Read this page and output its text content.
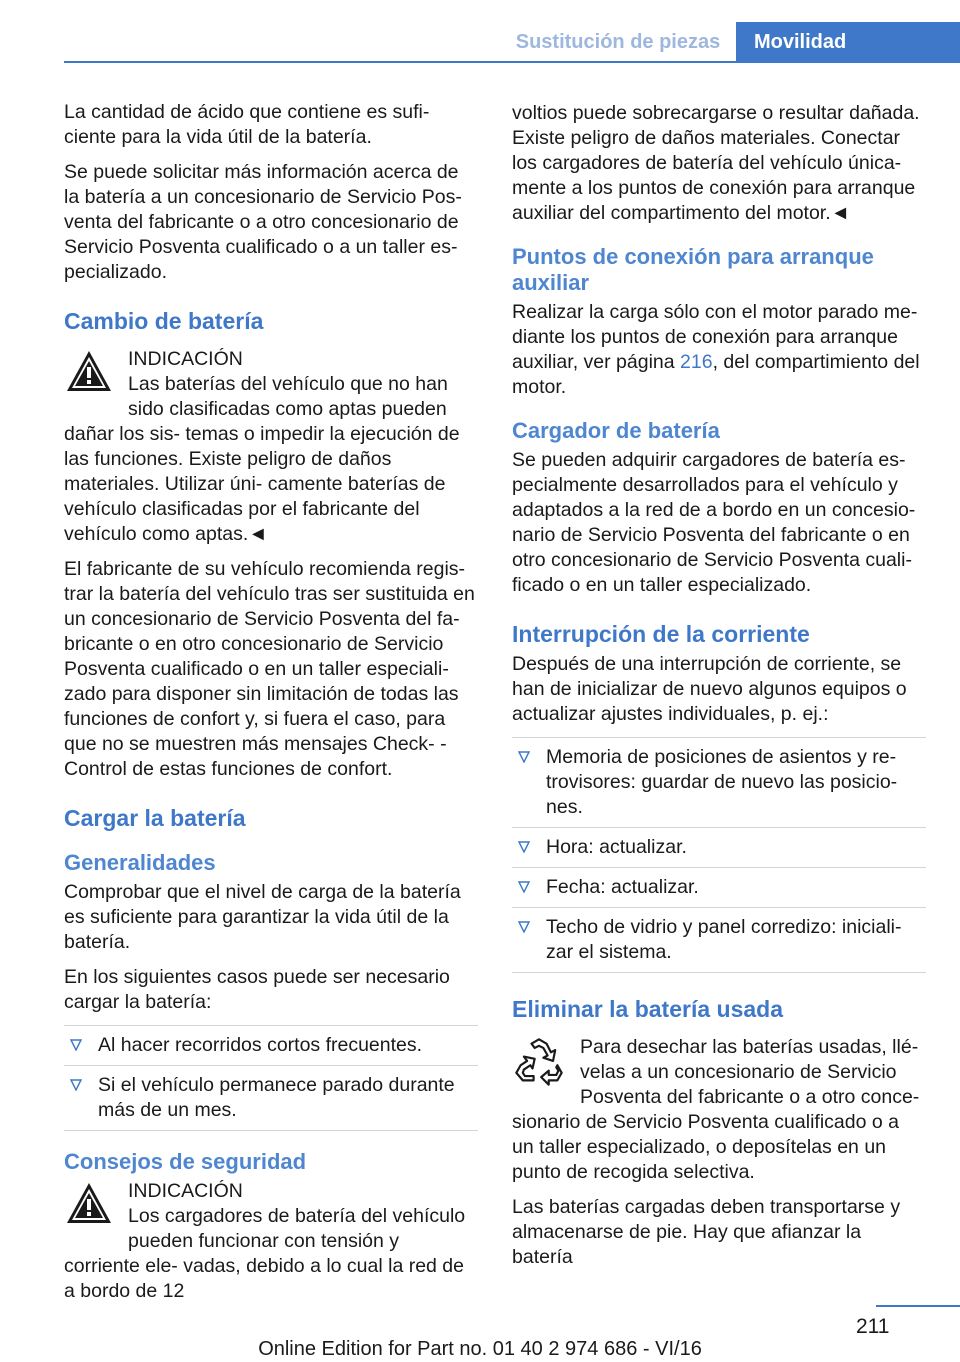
Sustitución de piezas	Movilidad

La cantidad de ácido que contiene es sufi‐ ciente para la vida útil de la batería.

Se puede solicitar más información acerca de la batería a un concesionario de Servicio Pos‐ venta del fabricante o a otro concesionario de Servicio Posventa cualificado o a un taller es‐ pecializado.

Cambio de batería
INDICACIÓN
Las baterías del vehículo que no han sido clasificadas como aptas pueden dañar los sis‐ temas o impedir la ejecución de las funciones. Existe peligro de daños materiales. Utilizar úni‐ camente baterías de vehículo clasificadas por el fabricante del vehículo como aptas.◄

El fabricante de su vehículo recomienda regis‐ trar la batería del vehículo tras ser sustituida en un concesionario de Servicio Posventa del fa‐ bricante o en otro concesionario de Servicio Posventa cualificado o en un taller especiali‐ zado para disponer sin limitación de todas las funciones de confort y, si fuera el caso, para que no se muestren más mensajes Check‐ -Control de estas funciones de confort.

Cargar la batería
Generalidades

Comprobar que el nivel de carga de la batería es suficiente para garantizar la vida útil de la batería.

En los siguientes casos puede ser necesario cargar la batería:

Al hacer recorridos cortos frecuentes.
Si el vehículo permanece parado durante más de un mes.
Consejos de seguridad
INDICACIÓN
Los cargadores de batería del vehículo pueden funcionar con tensión y corriente ele‐ vadas, debido a lo cual la red de a bordo de 12

voltios puede sobrecargarse o resultar dañada. Existe peligro de daños materiales. Conectar los cargadores de batería del vehículo única‐ mente a los puntos de conexión para arranque auxiliar del compartimento del motor.◄

Puntos de conexión para arranque auxiliar

Realizar la carga sólo con el motor parado me‐ diante los puntos de conexión para arranque auxiliar, ver página 216, del compartimiento del motor.

Cargador de batería

Se pueden adquirir cargadores de batería es‐ pecialmente desarrollados para el vehículo y adaptados a la red de a bordo en un concesio‐ nario de Servicio Posventa del fabricante o en otro concesionario de Servicio Posventa cuali‐ ficado o en un taller especializado.

Interrupción de la corriente

Después de una interrupción de corriente, se han de inicializar de nuevo algunos equipos o actualizar ajustes individuales, p. ej.:

Memoria de posiciones de asientos y re‐ trovisores: guardar de nuevo las posicio‐ nes.
Hora: actualizar.
Fecha: actualizar.
Techo de vidrio y panel corredizo: iniciali‐ zar el sistema.
Eliminar la batería usada
Para desechar las baterías usadas, llé‐ velas a un concesionario de Servicio Posventa del fabricante o a otro conce‐ sionario de Servicio Posventa cualificado o a un taller especializado, o deposítelas en un punto de recogida selectiva.

Las baterías cargadas deben transportarse y almacenarse de pie. Hay que afianzar la batería

211
Online Edition for Part no. 01 40 2 974 686 - VI/16
